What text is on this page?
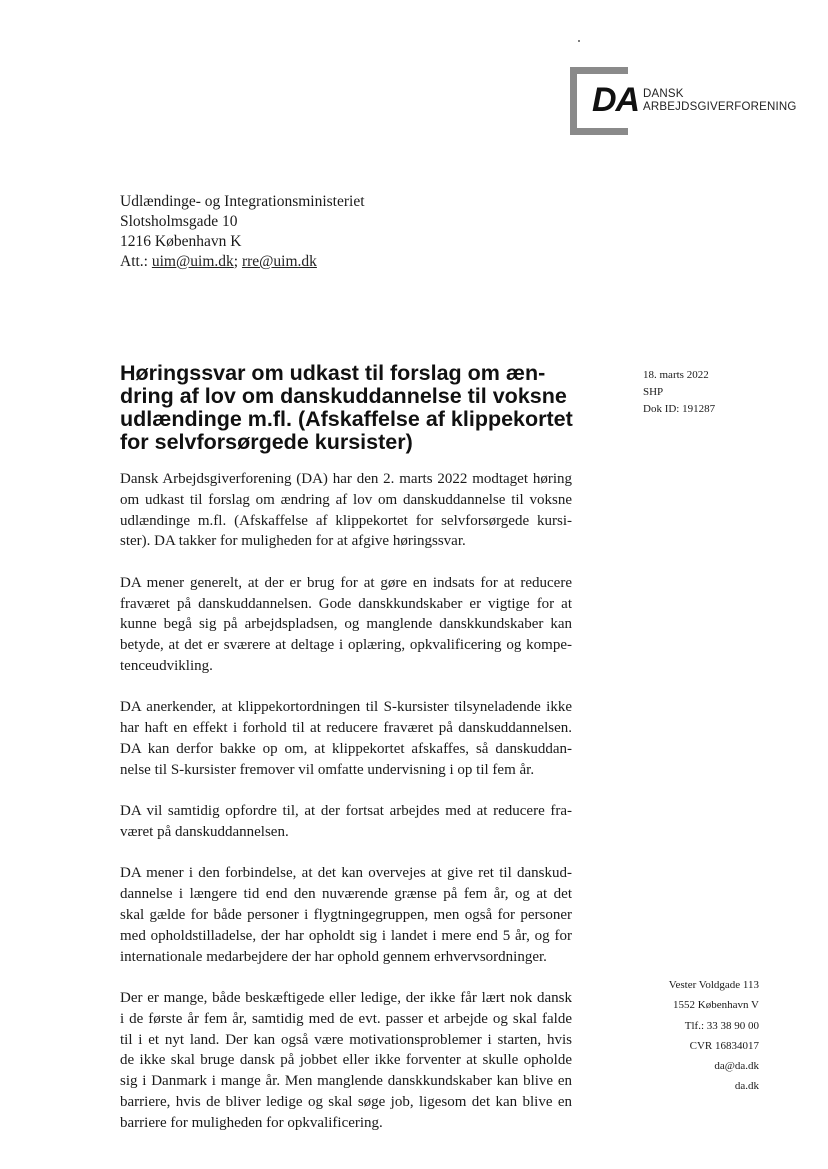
DA DANSK
ARBEJDSGIVERFORENING
Udlændinge- og Integrationsministeriet
Slotsholmsgade 10
1216 København K
Att.: uim@uim.dk; rre@uim.dk
18. marts 2022
SHP
Dok ID: 191287
Høringssvar om udkast til forslag om æn-
dring af lov om danskuddannelse til voksne
udlændinge m.fl. (Afskaffelse af klippekortet
for selvforsørgede kursister)

Dansk Arbejdsgiverforening (DA) har den 2. marts 2022 modtaget høring
om udkast til forslag om ændring af lov om danskuddannelse til voksne
udlændinge m.fl. (Afskaffelse af klippekortet for selvforsørgede kursi-
ster). DA takker for muligheden for at afgive høringssvar.

DA mener generelt, at der er brug for at gøre en indsats for at reducere
fraværet på danskuddannelsen. Gode danskkundskaber er vigtige for at
kunne begå sig på arbejdspladsen, og manglende danskkundskaber kan
betyde, at det er sværere at deltage i oplæring, opkvalificering og kompe-
tenceudvikling.

DA anerkender, at klippekortordningen til S-kursister tilsyneladende ikke
har haft en effekt i forhold til at reducere fraværet på danskuddannelsen.
DA kan derfor bakke op om, at klippekortet afskaffes, så danskuddan-
nelse til S-kursister fremover vil omfatte undervisning i op til fem år.

DA vil samtidig opfordre til, at der fortsat arbejdes med at reducere fra-
været på danskuddannelsen.

DA mener i den forbindelse, at det kan overvejes at give ret til danskud-
dannelse i længere tid end den nuværende grænse på fem år, og at det
skal gælde for både personer i flygtningegruppen, men også for personer
med opholdstilladelse, der har opholdt sig i landet i mere end 5 år, og for
internationale medarbejdere der har ophold gennem erhvervsordninger.

Der er mange, både beskæftigede eller ledige, der ikke får lært nok dansk
i de første år fem år, samtidig med de evt. passer et arbejde og skal falde
til i et nyt land. Der kan også være motivationsproblemer i starten, hvis
de ikke skal bruge dansk på jobbet eller ikke forventer at skulle opholde
sig i Danmark i mange år. Men manglende danskkundskaber kan blive en
barriere, hvis de bliver ledige og skal søge job, ligesom det kan blive en
barriere for muligheden for opkvalificering.

Vester Voldgade 113
1552 København V
Tlf.: 33 38 90 00
CVR 16834017
da@da.dk
da.dk
